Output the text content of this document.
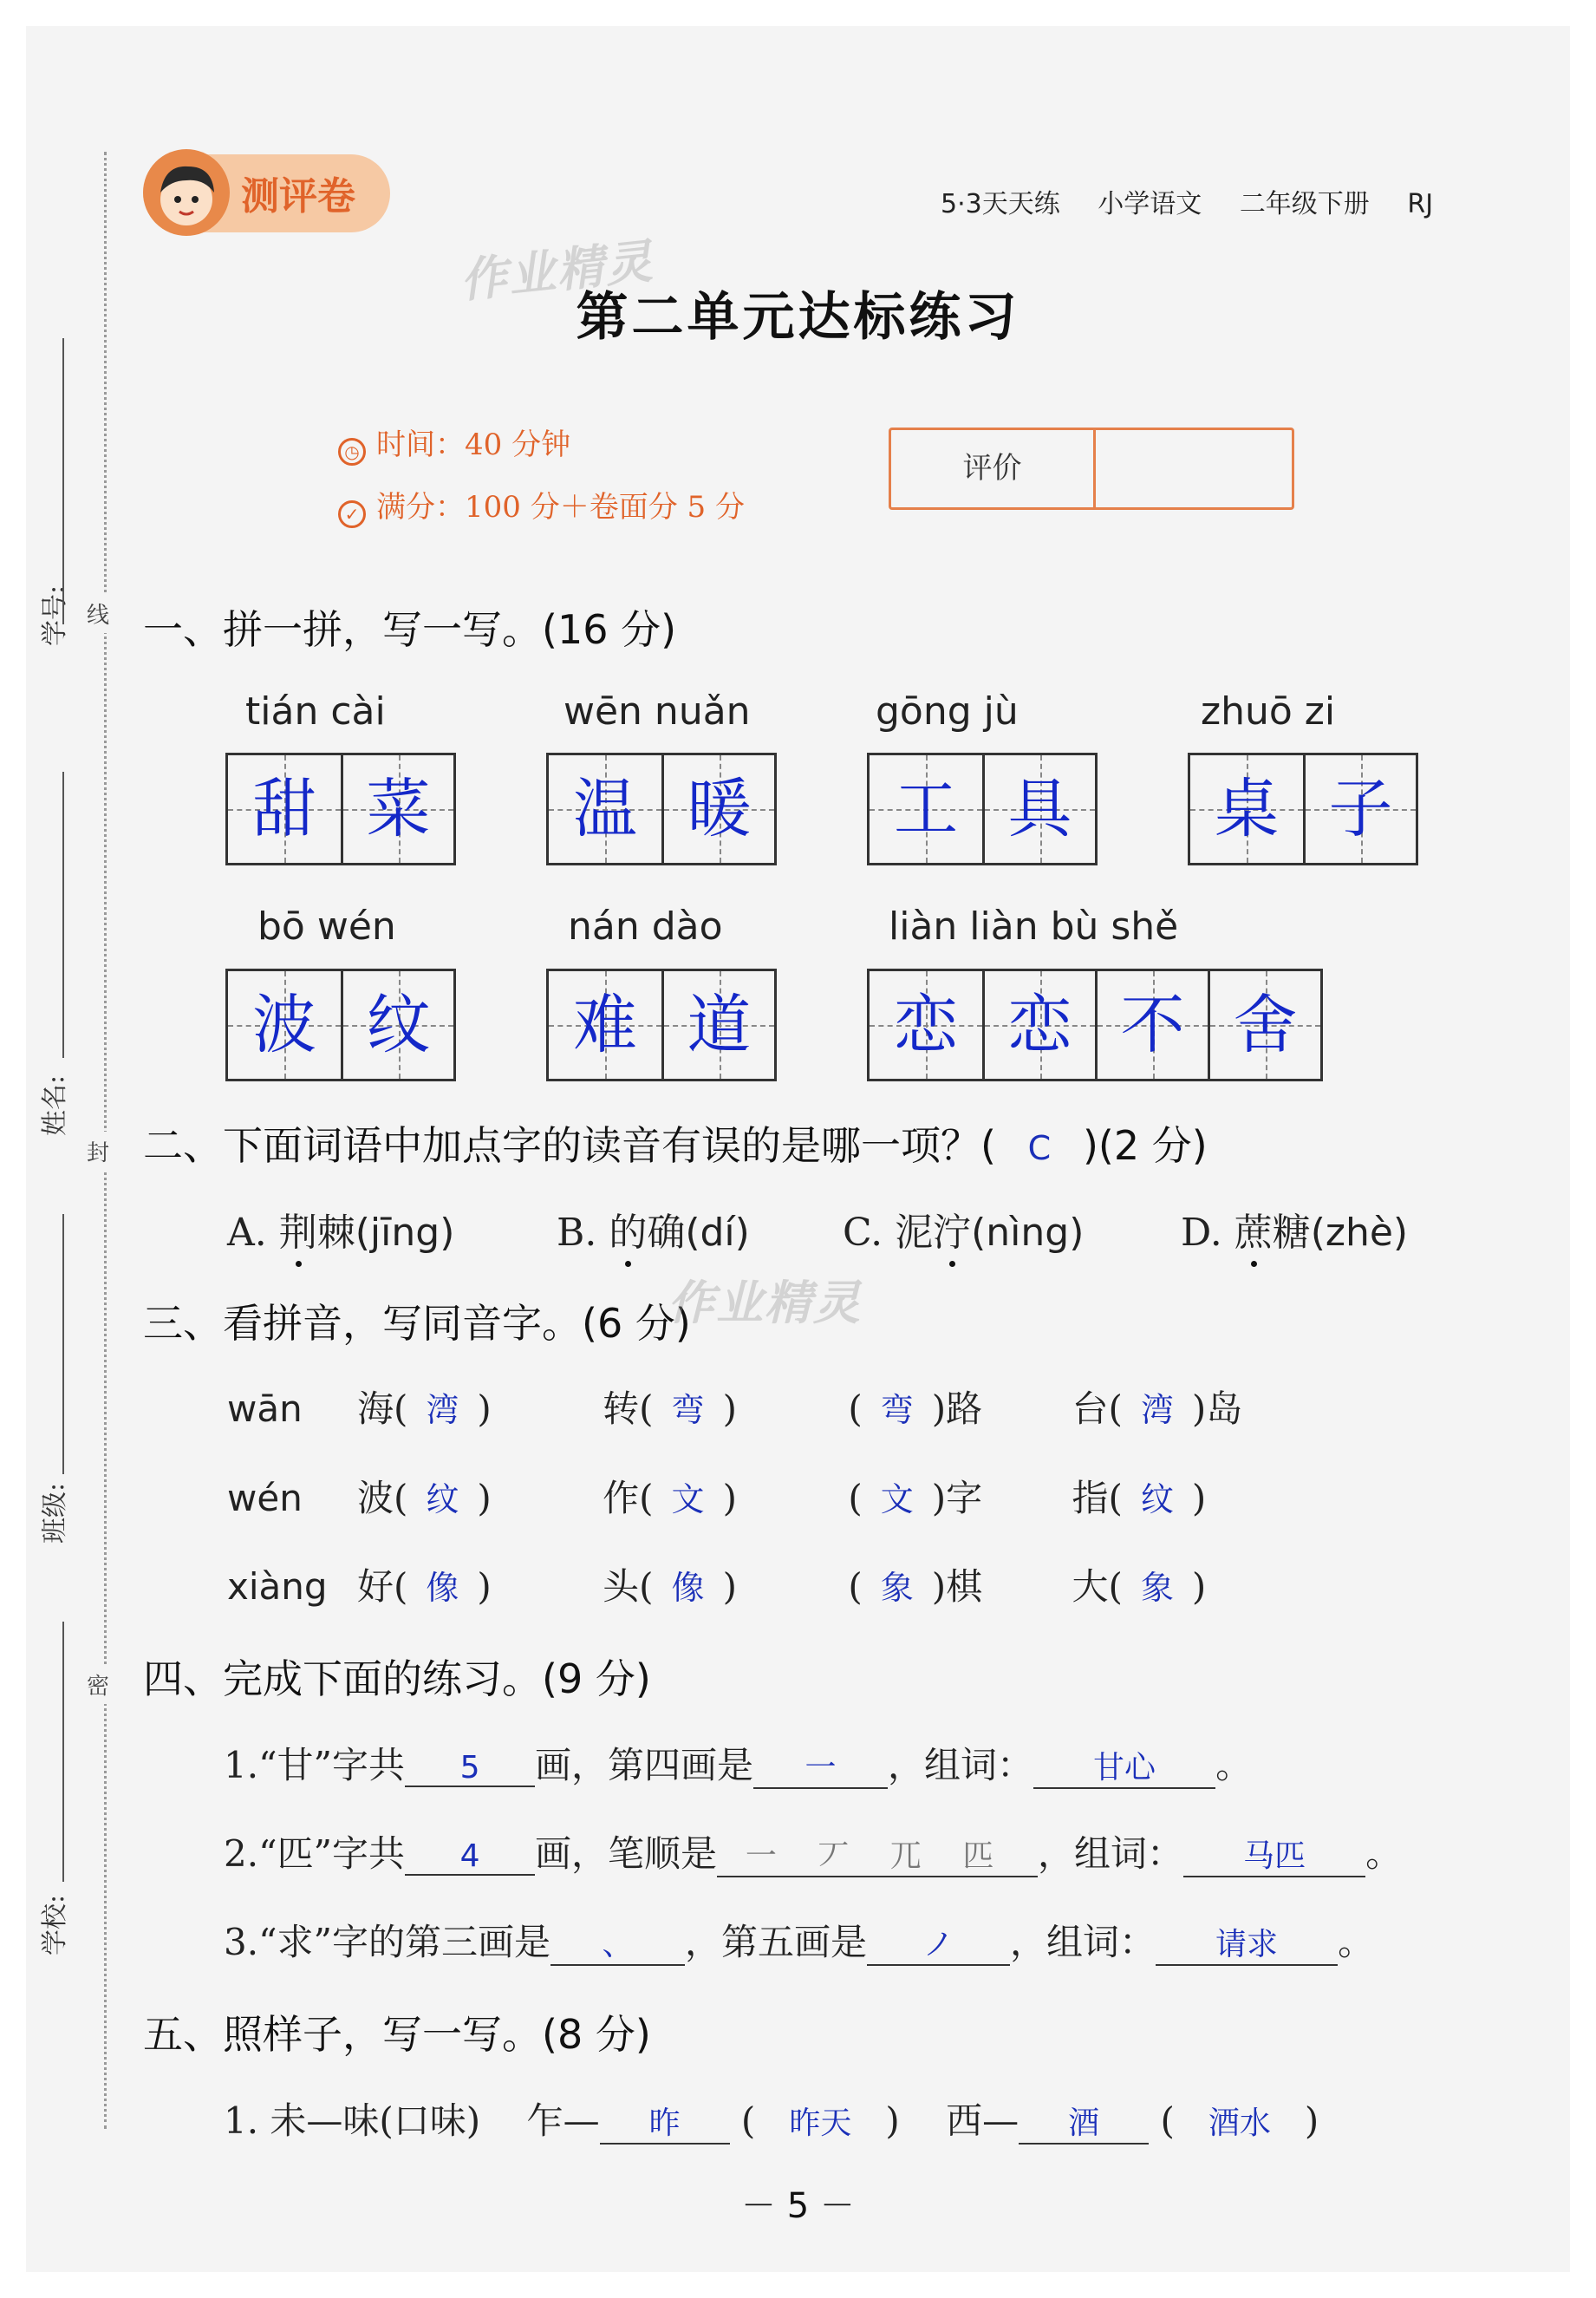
线
封
密
学号:
姓名:
班级:
学校:
测评卷	5·3天天练 小学语文 二年级下册 RJ
作业精灵
第二单元达标练习
◷ 时间：40 分钟
✓ 满分：100 分＋卷面分 5 分
评价
一、拼一拼，写一写。(16 分)
tián cài	wēn nuǎn	gōng jù	zhuō zi
甜 菜	温 暖	工 具	桌 子
bō wén	nán dào	liàn liàn bù shě
波 纹	难 道	恋 恋 不 舍
二、下面词语中加点字的读音有误的是哪一项？( C )(2 分)
A. 荆棘(jīng)	B. 的确(dí) C. 泥泞(nìng)	D. 蔗糖(zhè)
三、看拼音，写同音字。(6 分)
作业精灵
wān 海( 湾 )	转( 弯 )	( 弯 )路 台( 湾 )岛
wén 波( 纹 )	作( 文 )	( 文 )字 指( 纹 )
xiàng 好( 像 )	头( 像 )	( 象 )棋 大( 象 )
四、完成下面的练习。(9 分)
1.“甘”字共 5 画，第四画是 一 ，组词： 甘心 。
2.“匹”字共 4 画，笔顺是 一 丆 兀 匹 ，组词： 马匹 。
3.“求”字的第三画是 、 ，第五画是 ノ ，组词： 请求 。
五、照样子，写一写。(8 分)
1. 未—味(口味) 乍— 昨 ( 昨天 ) 西— 酒 ( 酒水 )
－ 5 －
